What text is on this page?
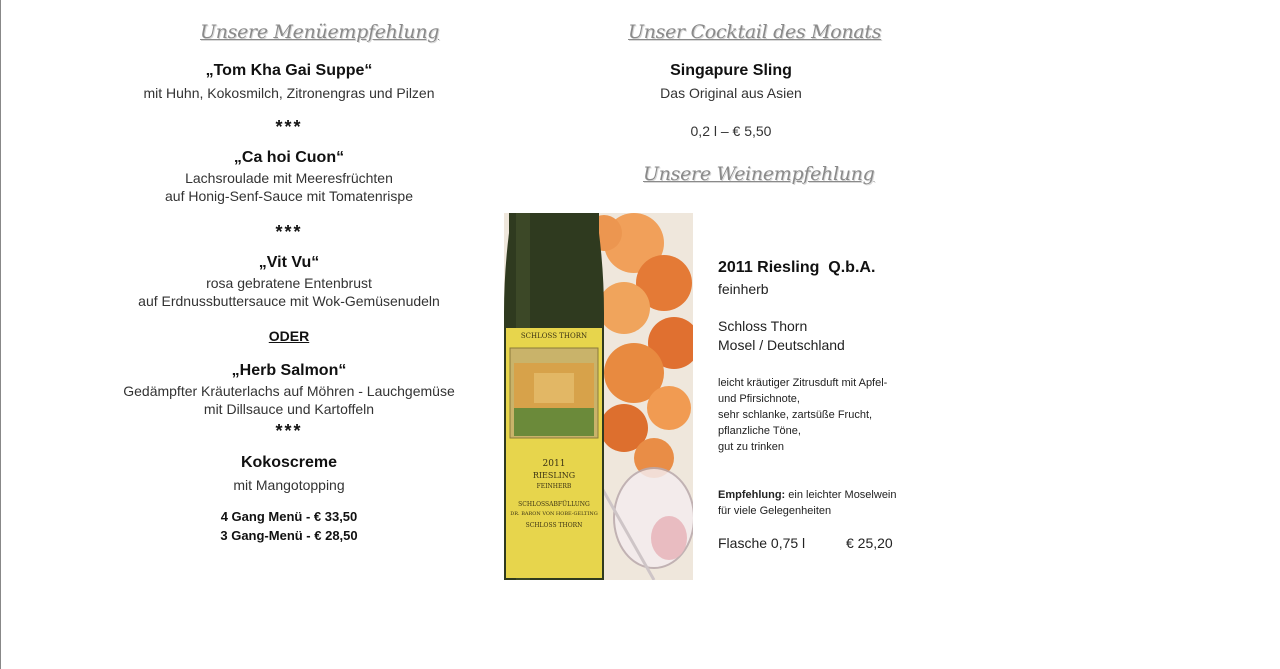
Unsere Menüempfehlung
„Tom Kha Gai Suppe“
mit Huhn, Kokosmilch, Zitronengras und Pilzen
***
„Ca hoi Cuon“
Lachsroulade mit Meeresfrüchten
auf Honig-Senf-Sauce mit Tomatenrispe
***
„Vit Vu“
rosa gebratene Entenbrust
auf Erdnussbuttersauce mit Wok-Gemüsenudeln
ODER
„Herb Salmon“
Gedämpfter Kräuterlachs auf Möhren - Lauchgemüse
mit Dillsauce und Kartoffeln
***
Kokoscreme
mit Mangotopping
4 Gang Menü - € 33,50
3 Gang-Menü - € 28,50
Unser Cocktail des Monats
Singapure Sling
Das Original aus Asien
0,2 l – € 5,50
Unsere Weinempfehlung
SCHLOSS THORN
2011
RIESLING
FEINHERB
SCHLOSSABFÜLLUNG
DR. BARON VON HOBE-GELTING
SCHLOSS THORN
2011 Riesling  Q.b.A.
feinherb
Schloss Thorn
Mosel / Deutschland
leicht kräutiger Zitrusduft mit Apfel-
und Pfirsichnote,
sehr schlanke, zartsüße Frucht,
pflanzliche Töne,
gut zu trinken
Empfehlung: ein leichter Moselwein
für viele Gelegenheiten
Flasche 0,75 l	€ 25,20
